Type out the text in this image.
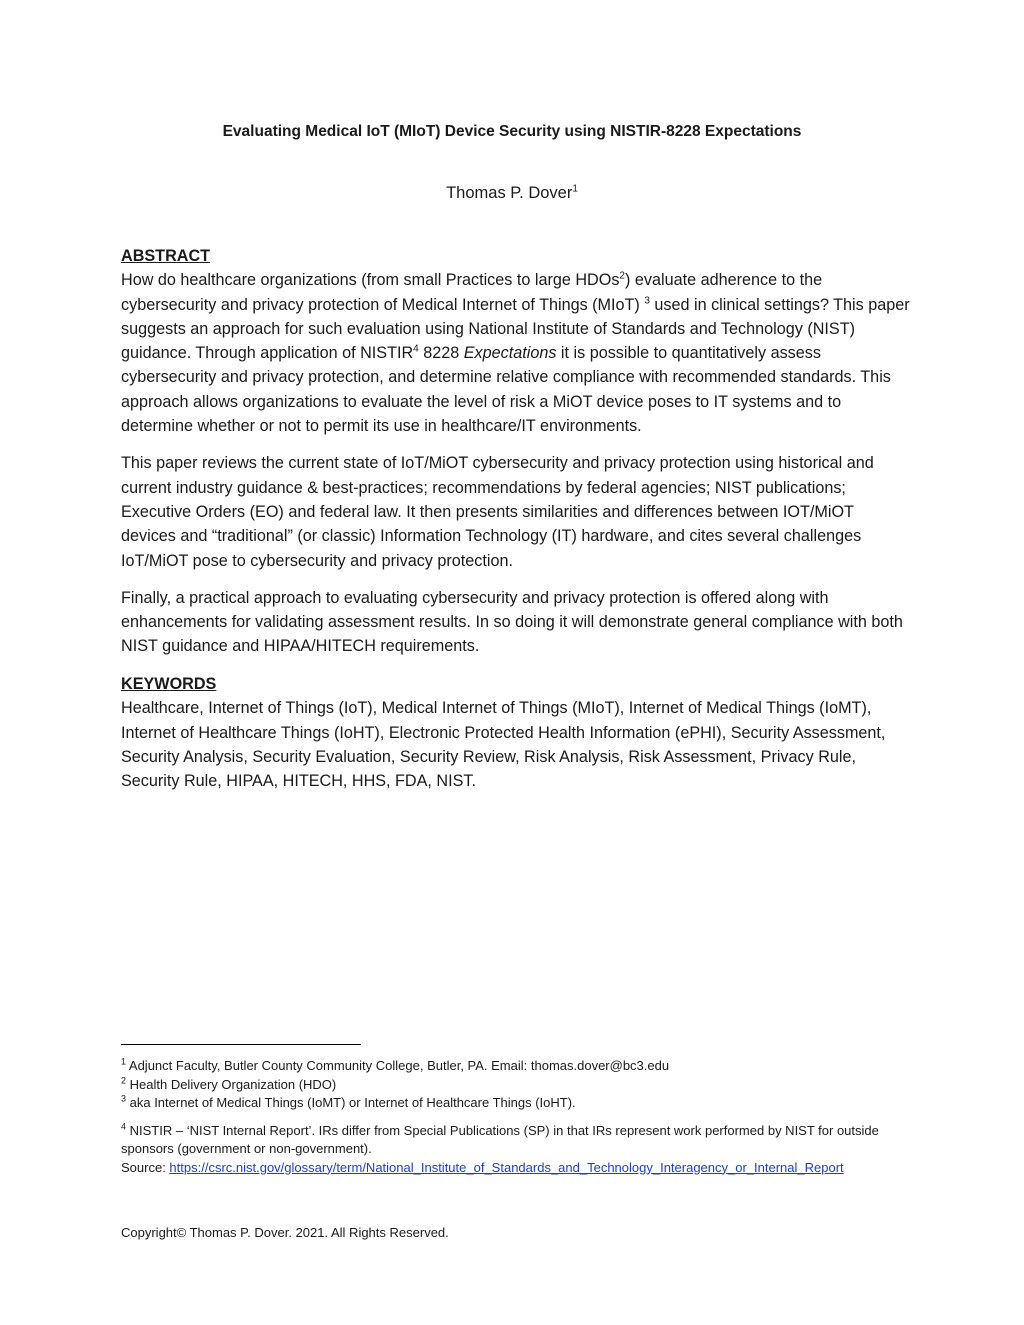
Evaluating Medical IoT (MIoT) Device Security using NISTIR-8228 Expectations
Thomas P. Dover$^1$
ABSTRACT

How do healthcare organizations (from small Practices to large HDOs$^2$) evaluate adherence to the cybersecurity and privacy protection of Medical Internet of Things (MIoT) $^3$ used in clinical settings? This paper suggests an approach for such evaluation using National Institute of Standards and Technology (NIST) guidance. Through application of NISTIR$^4$ 8228 Expectations it is possible to quantitatively assess cybersecurity and privacy protection, and determine relative compliance with recommended standards. This approach allows organizations to evaluate the level of risk a MiOT device poses to IT systems and to determine whether or not to permit its use in healthcare/IT environments.

This paper reviews the current state of IoT/MiOT cybersecurity and privacy protection using historical and current industry guidance & best-practices; recommendations by federal agencies; NIST publications; Executive Orders (EO) and federal law. It then presents similarities and differences between IOT/MiOT devices and “traditional” (or classic) Information Technology (IT) hardware, and cites several challenges IoT/MiOT pose to cybersecurity and privacy protection.

Finally, a practical approach to evaluating cybersecurity and privacy protection is offered along with enhancements for validating assessment results. In so doing it will demonstrate general compliance with both NIST guidance and HIPAA/HITECH requirements.

KEYWORDS

Healthcare, Internet of Things (IoT), Medical Internet of Things (MIoT), Internet of Medical Things (IoMT), Internet of Healthcare Things (IoHT), Electronic Protected Health Information (ePHI), Security Assessment, Security Analysis, Security Evaluation, Security Review, Risk Analysis, Risk Assessment, Privacy Rule, Security Rule, HIPAA, HITECH, HHS, FDA, NIST.

$^1$ Adjunct Faculty, Butler County Community College, Butler, PA. Email: thomas.dover@bc3.edu

$^2$ Health Delivery Organization (HDO)

$^3$ aka Internet of Medical Things (IoMT) or Internet of Healthcare Things (IoHT).

$^4$ NISTIR – ‘NIST Internal Report’. IRs differ from Special Publications (SP) in that IRs represent work performed by NIST for outside sponsors (government or non-government).

Source: https://csrc.nist.gov/glossary/term/National_Institute_of_Standards_and_Technology_Interagency_or_Internal_Report

Copyright© Thomas P. Dover. 2021. All Rights Reserved.
